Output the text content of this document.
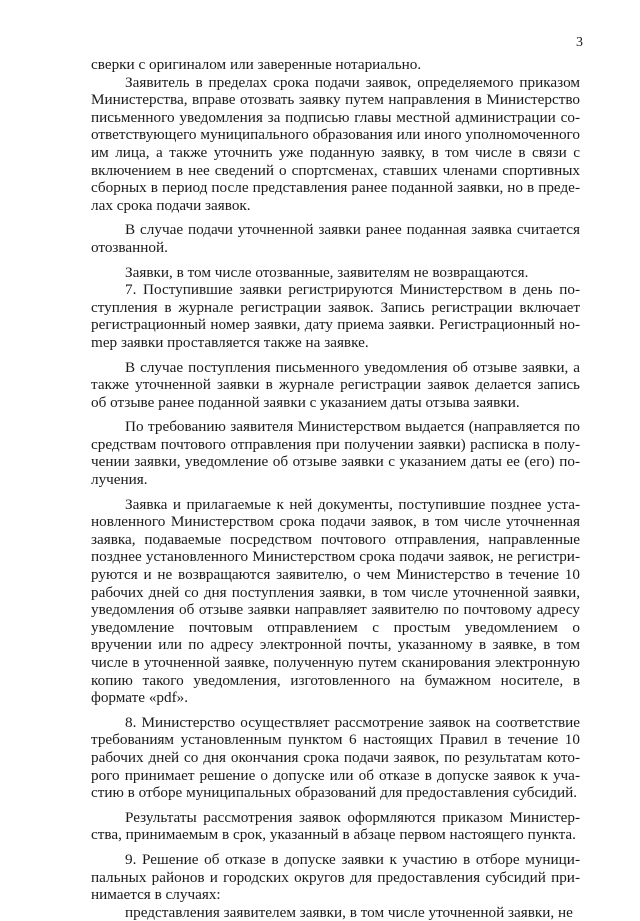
3

сверки с оригиналом или заверенные нотариально.

Заявитель в пределах срока подачи заявок, определяемого приказом Министерства, вправе отозвать заявку путем направления в Министерство письменного уведомления за подписью главы местной администрации соответствующего муниципального образования или иного уполномоченного им лица, а также уточнить уже поданную заявку, в том числе в связи с включением в нее сведений о спортсменах, ставших членами спортивных сборных в период после представления ранее поданной заявки, но в пределах срока подачи заявок.

В случае подачи уточненной заявки ранее поданная заявка считается отозванной.

Заявки, в том числе отозванные, заявителям не возвращаются.

7. Поступившие заявки регистрируются Министерством в день поступления в журнале регистрации заявок. Запись регистрации включает регистрационный номер заявки, дату приема заявки. Регистрационный ноmер заявки проставляется также на заявке.

В случае поступления письменного уведомления об отзыве заявки, а также уточненной заявки в журнале регистрации заявок делается запись об отзыве ранее поданной заявки с указанием даты отзыва заявки.

По требованию заявителя Министерством выдается (направляется по средствам почтового отправления при получении заявки) расписка в получении заявки, уведомление об отзыве заявки с указанием даты ее (его) получения.

Заявка и прилагаемые к ней документы, поступившие позднее установленного Министерством срока подачи заявок, в том числе уточненная заявка, подаваемые посредством почтового отправления, направленные позднее установленного Министерством срока подачи заявок, не регистрируются и не возвращаются заявителю, о чем Министерство в течение 10 рабочих дней со дня поступления заявки, в том числе уточненной заявки, уведомления об отзыве заявки направляет заявителю по почтовому адресу уведомление почтовым отправлением с простым уведомлением о вручении или по адресу электронной почты, указанному в заявке, в том числе в уточненной заявке, полученную путем сканирования электронную копию такого уведомления, изготовленного на бумажном носителе, в формате «pdf».

8. Министерство осуществляет рассмотрение заявок на соответствие требованиям установленным пунктом 6 настоящих Правил в течение 10 рабочих дней со дня окончания срока подачи заявок, по результатам которого принимает решение о допуске или об отказе в допуске заявок к участию в отборе муниципальных образований для предоставления субсидий.

Результаты рассмотрения заявок оформляются приказом Министерства, принимаемым в срок, указанный в абзаце первом настоящего пункта.

9. Решение об отказе в допуске заявки к участию в отборе муниципальных районов и городских округов для предоставления субсидий принимается в случаях:

представления заявителем заявки, в том числе уточненной заявки, не
